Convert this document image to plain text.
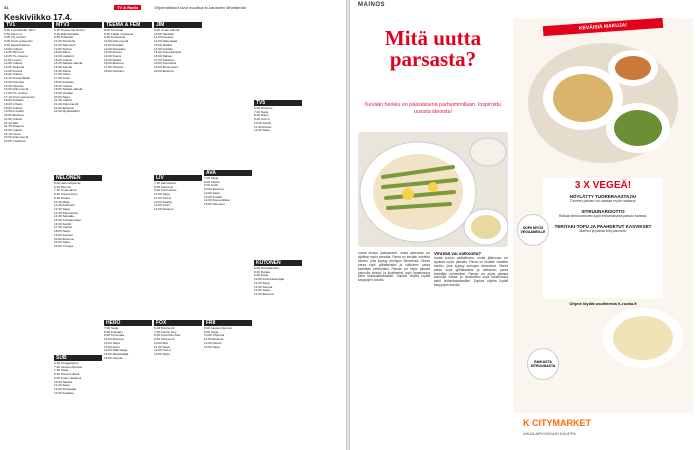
34	TV & Radio	Ohjelmatiedot sivut muuttua tv-kanavien lähettämän
Keskiviikko 17.4.
TV1
5.00 Luontohetki: Meri...
5.30 Aamu-tv
9.00 Yle Uutiset
9.05 Puoli seitsemän
9.35 Ajankohtainen
10.00 Uutiset
10.05 Strömsö
10.35 Yle Areena
11.00 Luonto
12.00 Uutiset
12.05 Tarinoita
13.00 Kortteli
14.00 Uutiset
14.10 Puutarhatalk
15.00 Kotimaa
15.30 Historia
16.00 Dokumentti
17.00 Yle Uutiset
17.10 Puoli seitsemän
18.00 Kotikatu
18.30 Urheilu
19.00 Uutiset
19.30 A-studio
20.00 Elokuva
21.00 Uutiset
21.10 Sää
21.15 Draama
22.00 Uutiset
22.10 Laura
23.00 Dokumentti
23.55 Yöarkisto
MTV3
6.20 Huomenta Suomi
9.25 Eläinsairaala
9.50 Kotikokki
10.30 Puutarha
11.00 Taloustori
12.00 Tarinat
13.00 Rikos
14.00 Lääkärit
15.00 Uutiset
15.15 Salatut elämät
16.00 Kauniit
16.30 Päivä
17.00 Ostos
17.30 Kodit
18.00 Kotikatu
18.30 Uutiset
19.00 Salatut elämät
19.30 Voittaja
20.00 Sarja
21.00 Uutiset
21.30 Dokumentti
22.00 Elokuva
23.30 Myöhäisillan
NELONEN
6.00 Aamuohjelmat
6.45 Muumit
7.30 Unelmakoti
8.30 Supernanny
9.30 Ruoka
10.30 Maja
11.30 Kulinaari
12.30 Sarja
13.30 Palomiehet
14.30 Sairaala
15.30 Kotirakentaja
16.30 Keittiö
17.30 Uutiset
18.00 Sarja
19.00 Roiston
20.00 Elokuva
22.00 Sarja
23.00 Yösarja
SUB
6.30 Chuggington
7.00 Lastenohjelmat
7.30 Sarja
8.00 Hämmentävä
9.00 Kodin ratkaisut
10.00 Salatut
11.00 Sarja
12.00 Pelastajat
13.00 Kotikatu
TEEMA & FEM
8.00 Terveisiä
8.30 Kaikki muistavat
9.00 Tositarinat
10.00 Dokumentti
11.00 Musiikki
12.00 Klassikko
13.00 Arkisto
14.00 Ruotsi
15.00 Matka
16.00 Elokuva
17.00 Historia
18.00 Kulttuuri
HERO
7.00 Sarja
8.00 Kokkailu
9.00 Toimintaa
10.00 Elokuva
12.00 Sarja
13.00 Autot
14.00 Rakentajat
15.00 Metsästäjät
16.00 Kaupat
JIM
9.00 Uudet elämät
10.00 Sankarit
11.00 Kauppa
12.00 Rakentajat
13.00 Matkat
14.00 Kotitalo
15.00 Huutokauppa
16.00 Rahaa
17.00 Kalastus
18.00 Ostoslista
19.00 Bordertown
20.00 Elokuva
LIV
7.00 Aamukahvi
8.00 Kauneus
9.00 Suunnittelu
10.00 Sarja
11.00 Tosi-tv
12.00 Reality
13.00 Kodit
14.00 Draama
FOX
6.00 Simpsonit
7.00 Family Guy
8.00 American Dad
9.00 Simpsonit
10.00 Bob
11.00 Sarja
12.00 Tosi-tv
13.00 Sarja
AVA
7.00 Sarja
8.00 Keittiö
9.00 Kodit
10.00 Elokuva
12.00 Sarja
13.00 Kotiäiti
14.00 Romantiikka
15.00 Kauneus
FRII
8.00 Lastenohjelmat
9.00 Sarja
10.00 Ohjelma
11.00 Elokuva
13.00 Kauhu
15.00 Sarja
TV5
6.00 Ostos-tv
7.00 Sarja
8.00 Rikos
9.00 Tosi-tv
10.00 Keittiö
11.00 Ruoka
12.00 Sarja
KUTONEN
6.00 Ostoskanava
8.00 Rahaa
9.00 Sarja
10.00 Kodinrakentajat
11.00 Sarja
12.00 Kaupat
13.00 Sarja
14.00 Elokuva
MAINOS
Mitä uutta parsasta?
Kevään herkku on pääsiäisenä parhaimmillaan. Inspiroidu uusista ideoista!
Kartta kuuluu pääsiäiseen, mutta jälkiruoan voi sijoittaa myös parsalla. Parsa on kevään odotettu herkku, joka kypsyy auringon lämmössä. Vihreä parsa sopii grillattavaksi ja valkoinen parsa keitetään pehmeäksi. Parsan voi myös paistaa pannulla voissa, ja lisukkeeksi sopii kananmuna sekä hollandaisekastike. Sopivia ohjeita löydät kauppojen sivuilta.
Vihreää vai valkoista?
Kartta kuuluu pääsiäiseen, mutta jälkiruoan voi sijoittaa myös parsalla. Parsa on kevään odotettu herkku, joka kypsyy auringon lämmössä. Vihreä parsa sopii grillattavaksi ja valkoinen parsa keitetään pehmeäksi. Parsan voi myös paistaa pannulla voissa, ja lisukkeeksi sopii kananmuna sekä hollandaisekastike. Sopivia ohjeita löydät kauppojen sivuilta.
KEVÄISIÄ MAKUJA!
3 X VEGEÄ!
HÖYLÄTTY TUORERAASTAJA!
Tuoreen parsan voi raastaa myös raakana.
SITRUUNARISOTTO
Raikas sitruunarisotto sopii erinomaisesti parsan kanssa.
TERIYAKI-TOFU JA PAAHDETUT KASVIKSET
Marinoi ja paista tofu pannulla.
SOPII MYÖS VEGAANEILLE
RAIKASTA SITRUUNASTA
Ohjeet löydät osoitteesta K-ruoka.fi
K CITYMARKET
AIKAA ARVOKKAIN KAUPPA
